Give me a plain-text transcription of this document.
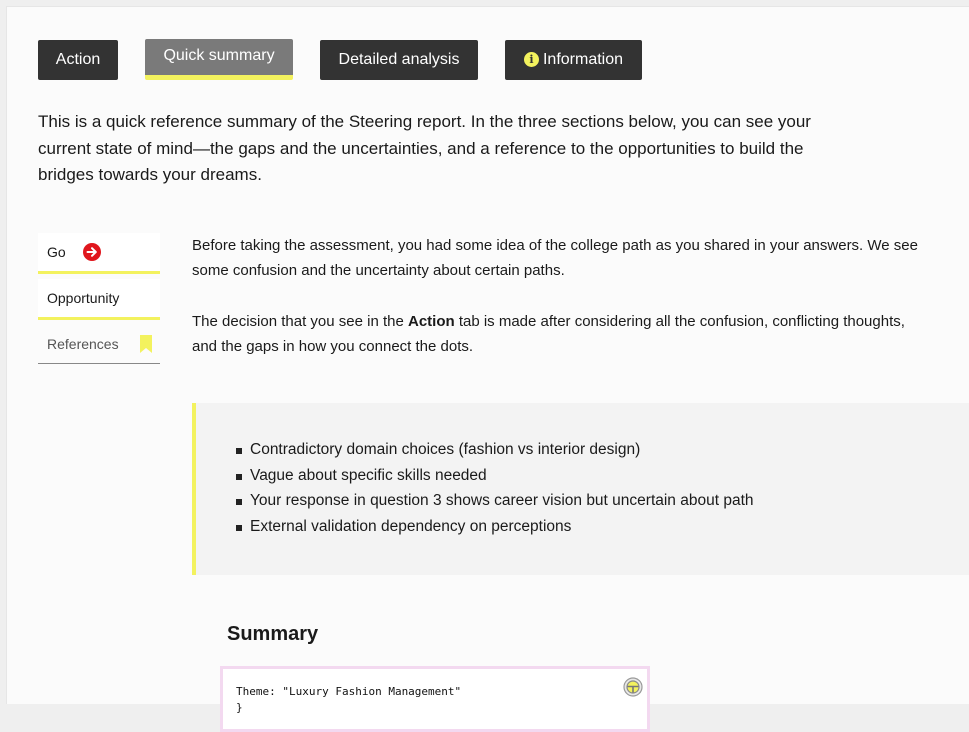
Action	Quick summary	Detailed analysis	i Information
This is a quick reference summary of the Steering report. In the three sections below, you can see your current state of mind—the gaps and the uncertainties, and a reference to the opportunities to build the bridges towards your dreams.
Go
Opportunity
References

Before taking the assessment, you had some idea of the college path as you shared in your answers. We see some confusion and the uncertainty about certain paths.

The decision that you see in the Action tab is made after considering all the confusion, conflicting thoughts, and the gaps in how you connect the dots.

Contradictory domain choices (fashion vs interior design)
Vague about specific skills needed
Your response in question 3 shows career vision but uncertain about path
External validation dependency on perceptions
Summary
Theme: "Luxury Fashion Management"
}
